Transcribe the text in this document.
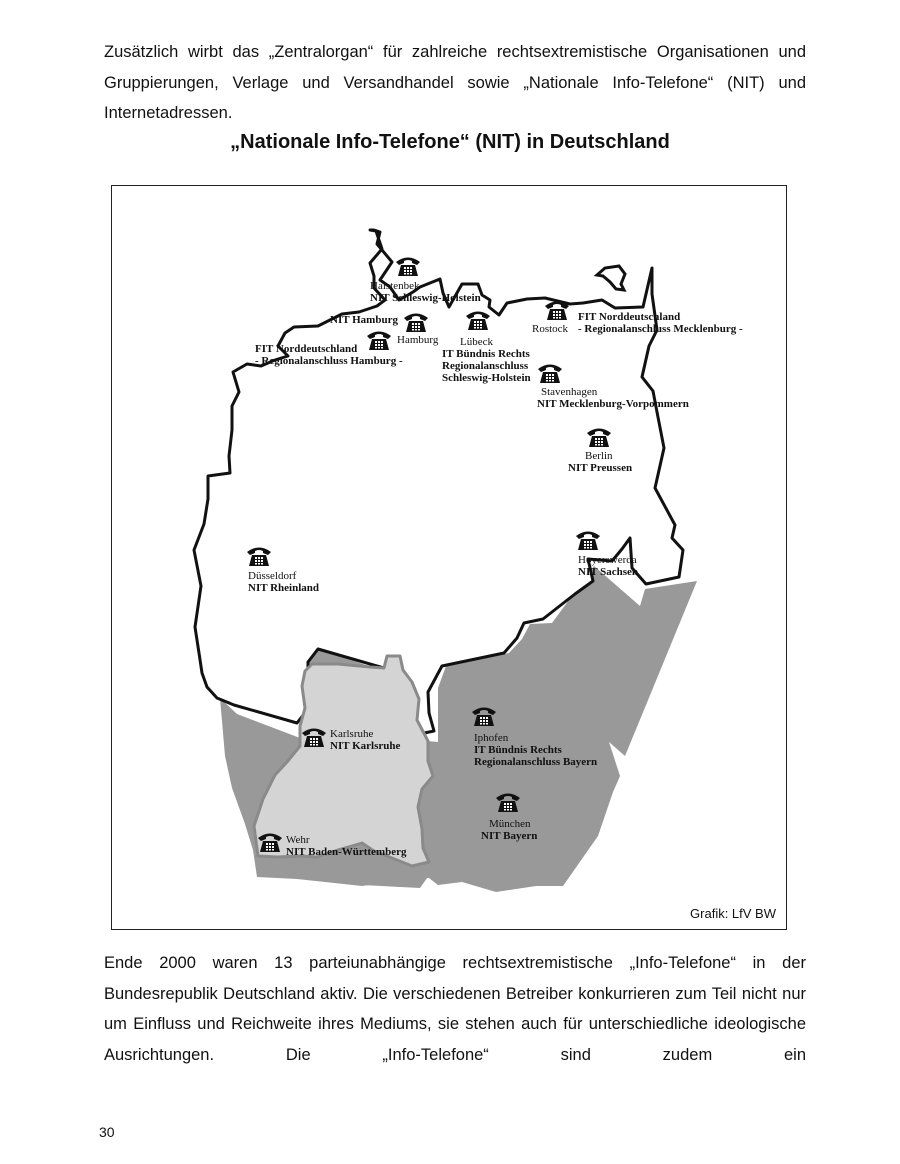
Zusätzlich wirbt das „Zentralorgan“ für zahlreiche rechtsextremistische Organisationen und Gruppierungen, Verlage und Versandhandel sowie „Nationale Info-Telefone“ (NIT) und Internetadressen.

„Nationale Info-Telefone“ (NIT) in Deutschland
Halstenbek
NIT Schleswig-Holstein
NIT Hamburg
Hamburg
FIT Norddeutschland
- Regionalanschluss Hamburg -
Lübeck
IT Bündnis Rechts
Regionalanschluss
Schleswig-Holstein
Rostock
FIT Norddeutschland
- Regionalanschluss Mecklenburg -
Stavenhagen
NIT Mecklenburg-Vorpommern
Berlin
NIT Preussen
Hoyerswerda
NIT Sachsen
Düsseldorf
NIT Rheinland
Karlsruhe
NIT Karlsruhe
Iphofen
IT Bündnis Rechts
Regionalanschluss Bayern
München
NIT Bayern
Wehr
NIT Baden-Württemberg
Grafik: LfV BW

Ende 2000 waren 13 parteiunabhängige rechtsextremistische „Info-Telefone“ in der Bundesrepublik Deutschland aktiv. Die verschiedenen Betreiber konkurrieren zum Teil nicht nur um Einfluss und Reichweite ihres Mediums, sie stehen auch für unterschiedliche ideologische Ausrichtungen. Die „Info-Telefone“ sind zudem ein

30
